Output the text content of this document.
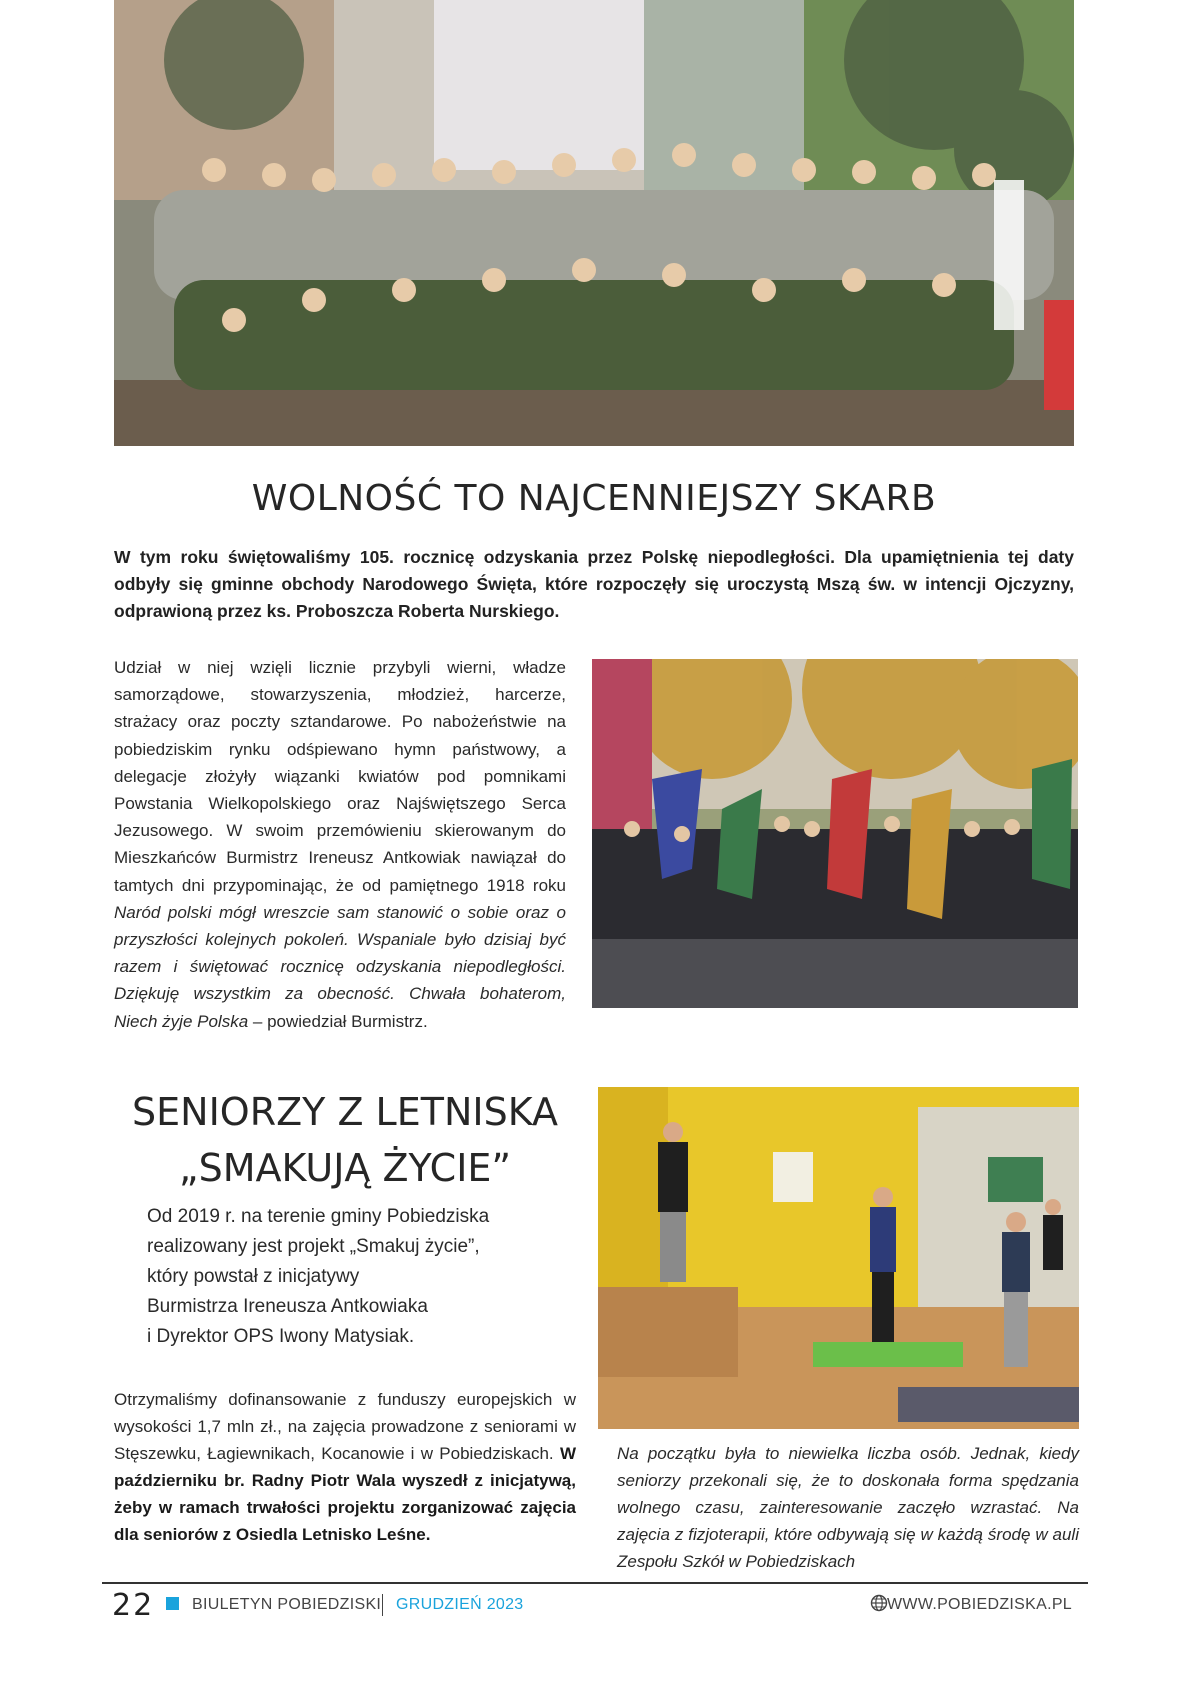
WOLNOŚĆ TO NAJCENNIEJSZY SKARB
W tym roku świętowaliśmy 105. rocznicę odzyskania przez Polskę niepodległości. Dla upamiętnienia tej daty odbyły się gminne obchody Narodowego Święta, które rozpoczęły się uroczystą Mszą św. w intencji Ojczyzny, odprawioną przez ks. Proboszcza Roberta Nurskiego.

Udział w niej wzięli licznie przybyli wierni, władze samorządowe, stowarzyszenia, młodzież, harcerze, strażacy oraz poczty sztandarowe. Po nabożeństwie na pobiedziskim rynku odśpiewano hymn państwowy, a delegacje złożyły wiązanki kwiatów pod pomnikami Powstania Wielkopolskiego oraz Najświętszego Serca Jezusowego. W swoim przemówieniu skierowanym do Mieszkańców Burmistrz Ireneusz Antkowiak nawiązał do tamtych dni przypominając, że od pamiętnego 1918 roku Naród polski mógł wreszcie sam stanowić o sobie oraz o przyszłości kolejnych pokoleń. Wspaniale było dzisiaj być razem i świętować rocznicę odzyskania niepodległości. Dziękuję wszystkim za obecność. Chwała bohaterom, Niech żyje Polska – powiedział Burmistrz.

SENIORZY Z LETNISKA
„SMAKUJĄ ŻYCIE”

Od 2019 r. na terenie gminy Pobiedziska

realizowany jest projekt „Smakuj życie”,

który powstał z inicjatywy

Burmistrza Ireneusza Antkowiaka

i Dyrektor OPS Iwony Matysiak.

Otrzymaliśmy dofinansowanie z funduszy europejskich w wysokości 1,7 mln zł., na zajęcia prowadzone z seniorami w Stęszewku, Łagiewnikach, Kocanowie i w Pobiedziskach. W październiku br. Radny Piotr Wala wyszedł z inicjatywą, żeby w ramach trwałości projektu zorganizować zajęcia dla seniorów z Osiedla Letnisko Leśne.
Na początku była to niewielka liczba osób. Jednak, kiedy seniorzy przekonali się, że to doskonała forma spędzania wolnego czasu, zainteresowanie zaczęło wzrastać. Na zajęcia z fizjoterapii, które odbywają się w każdą środę w auli Zespołu Szkół w Pobiedziskach
22 BIULETYN POBIEDZISKI GRUDZIEŃ 2023	WWW.POBIEDZISKA.PL
